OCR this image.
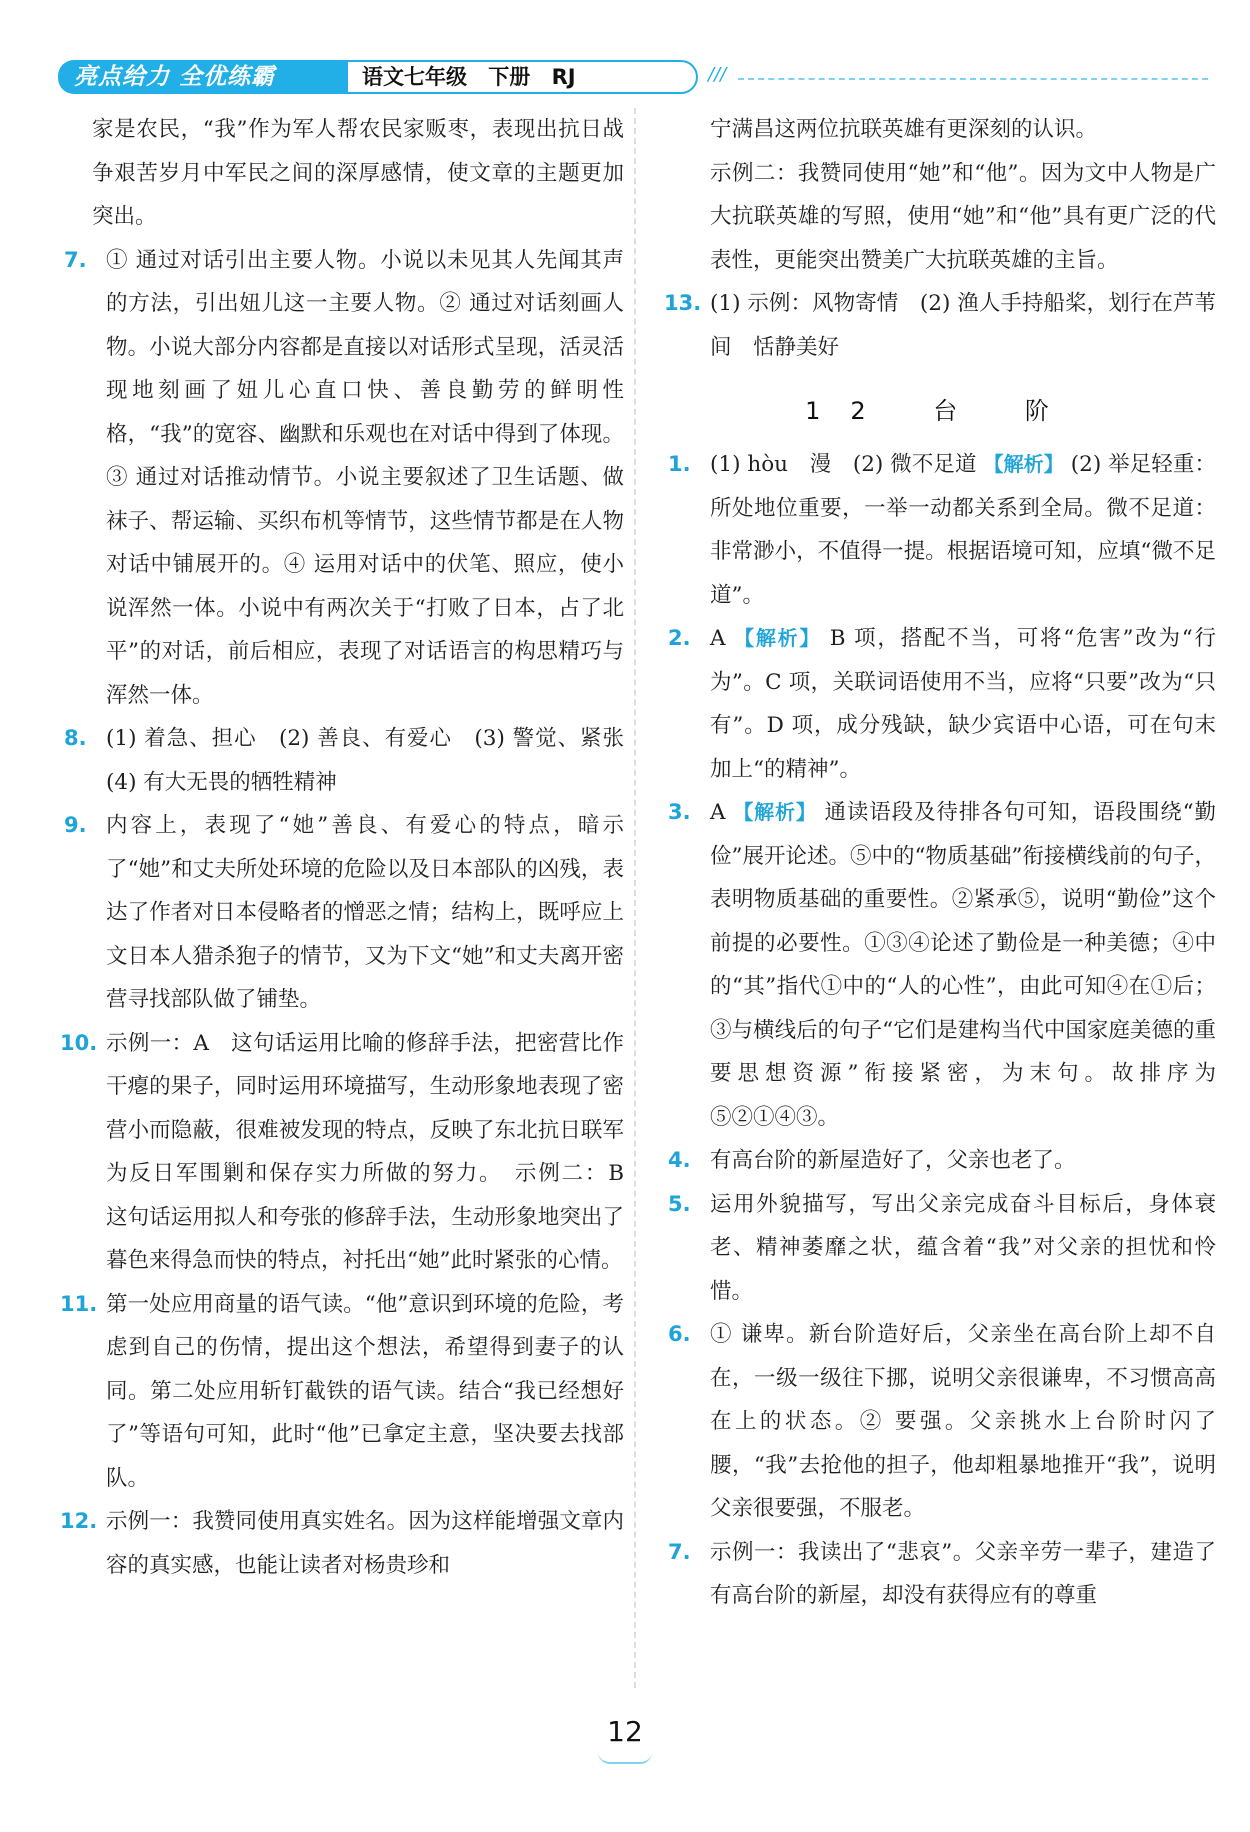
亮点给力 全优练霸	语文七年级 下册 RJ	///

家是农民，“我”作为军人帮农民家贩枣，表现出抗日战争艰苦岁月中军民之间的深厚感情，使文章的主题更加突出。

7. ① 通过对话引出主要人物。小说以未见其人先闻其声的方法，引出妞儿这一主要人物。② 通过对话刻画人物。小说大部分内容都是直接以对话形式呈现，活灵活现地刻画了妞儿心直口快、善良勤劳的鲜明性格，“我”的宽容、幽默和乐观也在对话中得到了体现。③ 通过对话推动情节。小说主要叙述了卫生话题、做袜子、帮运输、买织布机等情节，这些情节都是在人物对话中铺展开的。④ 运用对话中的伏笔、照应，使小说浑然一体。小说中有两次关于“打败了日本，占了北平”的对话，前后相应，表现了对话语言的构思精巧与浑然一体。
8. (1) 着急、担心　(2) 善良、有爱心　(3) 警觉、紧张　(4) 有大无畏的牺牲精神
9. 内容上，表现了“她”善良、有爱心的特点，暗示了“她”和丈夫所处环境的危险以及日本部队的凶残，表达了作者对日本侵略者的憎恶之情；结构上，既呼应上文日本人猎杀狍子的情节，又为下文“她”和丈夫离开密营寻找部队做了铺垫。
10. 示例一：A　这句话运用比喻的修辞手法，把密营比作干瘪的果子，同时运用环境描写，生动形象地表现了密营小而隐蔽，很难被发现的特点，反映了东北抗日联军为反日军围剿和保存实力所做的努力。　示例二：B　这句话运用拟人和夸张的修辞手法，生动形象地突出了暮色来得急而快的特点，衬托出“她”此时紧张的心情。
11. 第一处应用商量的语气读。“他”意识到环境的危险，考虑到自己的伤情，提出这个想法，希望得到妻子的认同。第二处应用斩钉截铁的语气读。结合“我已经想好了”等语句可知，此时“他”已拿定主意，坚决要去找部队。
12. 示例一：我赞同使用真实姓名。因为这样能增强文章内容的真实感，也能让读者对杨贵珍和

宁满昌这两位抗联英雄有更深刻的认识。

示例二：我赞同使用“她”和“他”。因为文中人物是广大抗联英雄的写照，使用“她”和“他”具有更广泛的代表性，更能突出赞美广大抗联英雄的主旨。

13. (1) 示例：风物寄情　(2) 渔人手持船桨，划行在芦苇间　恬静美好
12 台 阶
1. (1) hòu　漫　(2) 微不足道 【解析】 (2) 举足轻重：所处地位重要，一举一动都关系到全局。微不足道：非常渺小，不值得一提。根据语境可知，应填“微不足道”。
2. A 【解析】 B 项，搭配不当，可将“危害”改为“行为”。C 项，关联词语使用不当，应将“只要”改为“只有”。D 项，成分残缺，缺少宾语中心语，可在句末加上“的精神”。
3. A 【解析】 通读语段及待排各句可知，语段围绕“勤俭”展开论述。⑤中的“物质基础”衔接横线前的句子，表明物质基础的重要性。②紧承⑤，说明“勤俭”这个前提的必要性。①③④论述了勤俭是一种美德；④中的“其”指代①中的“人的心性”，由此可知④在①后；③与横线后的句子“它们是建构当代中国家庭美德的重要思想资源”衔接紧密，为末句。故排序为⑤②①④③。
4. 有高台阶的新屋造好了，父亲也老了。
5. 运用外貌描写，写出父亲完成奋斗目标后，身体衰老、精神萎靡之状，蕴含着“我”对父亲的担忧和怜惜。
6. ① 谦卑。新台阶造好后，父亲坐在高台阶上却不自在，一级一级往下挪，说明父亲很谦卑，不习惯高高在上的状态。② 要强。父亲挑水上台阶时闪了腰，“我”去抢他的担子，他却粗暴地推开“我”，说明父亲很要强，不服老。
7. 示例一：我读出了“悲哀”。父亲辛劳一辈子，建造了有高台阶的新屋，却没有获得应有的尊重
12
